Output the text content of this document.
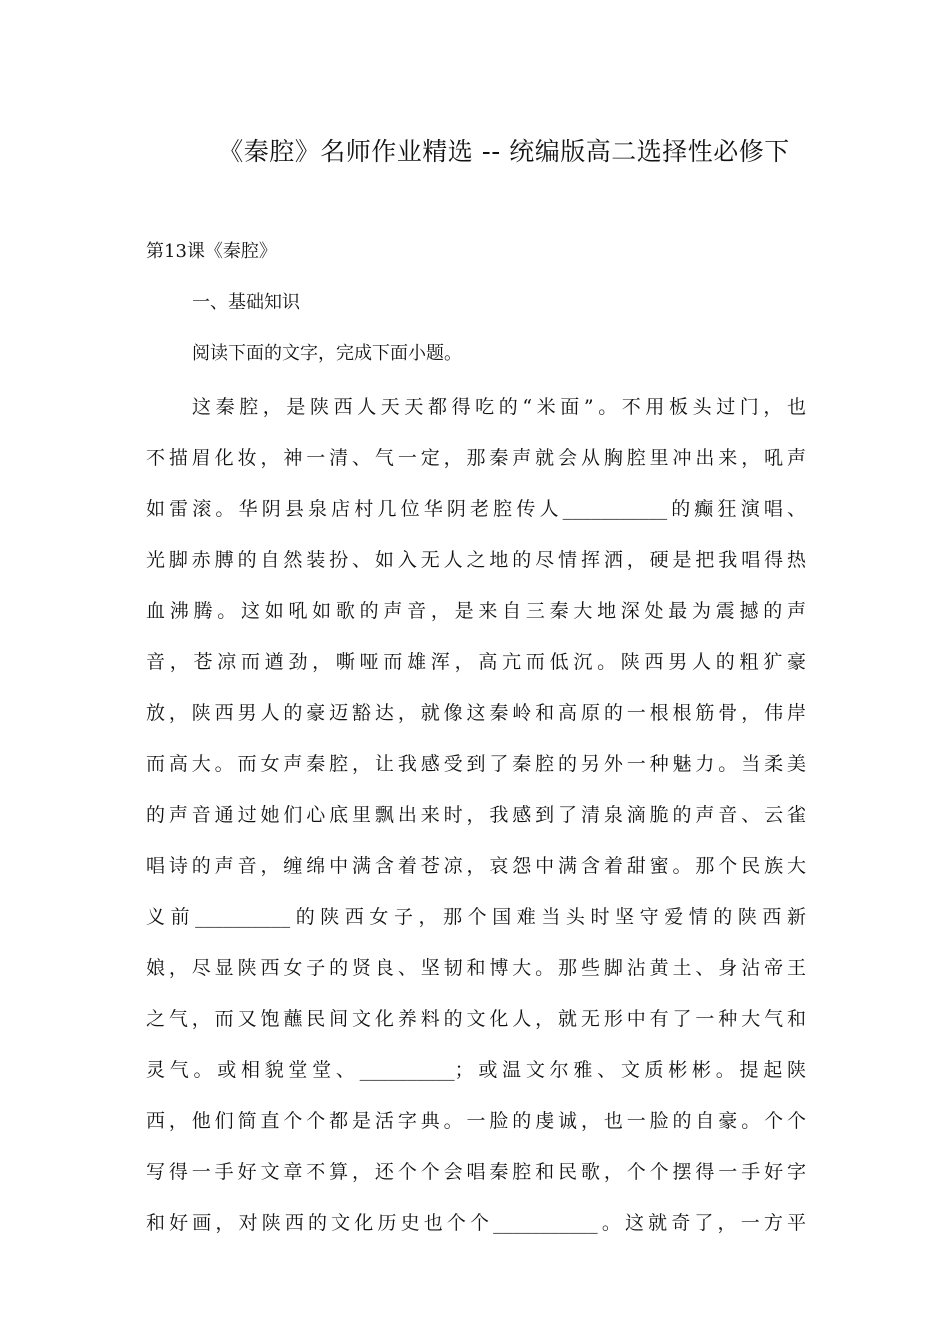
《秦腔》名师作业精选 -- 统编版高二选择性必修下
第13课《秦腔》
一、基础知识
阅读下面的文字，完成下面小题。
这秦腔，是陕西人天天都得吃的“米面”。不用板头过门，也
不描眉化妆，神一清、气一定，那秦声就会从胸腔里冲出来，吼声
如雷滚。华阴县泉店村几位华阴老腔传人___________的癫狂演唱、
光脚赤膊的自然装扮、如入无人之地的尽情挥洒，硬是把我唱得热
血沸腾。这如吼如歌的声音，是来自三秦大地深处最为震撼的声
音，苍凉而遒劲，嘶哑而雄浑，高亢而低沉。陕西男人的粗犷豪
放，陕西男人的豪迈豁达，就像这秦岭和高原的一根根筋骨，伟岸
而高大。而女声秦腔，让我感受到了秦腔的另外一种魅力。当柔美
的声音通过她们心底里飘出来时，我感到了清泉滴脆的声音、云雀
唱诗的声音，缠绵中满含着苍凉，哀怨中满含着甜蜜。那个民族大
义前__________的陕西女子，那个国难当头时坚守爱情的陕西新
娘，尽显陕西女子的贤良、坚韧和博大。那些脚沾黄土、身沾帝王
之气，而又饱蘸民间文化养料的文化人，就无形中有了一种大气和
灵气。或相貌堂堂、__________；或温文尔雅、文质彬彬。提起陕
西，他们简直个个都是活字典。一脸的虔诚，也一脸的自豪。个个
写得一手好文章不算，还个个会唱秦腔和民歌，个个摆得一手好字
和好画，对陕西的文化历史也个个___________。这就奇了，一方平
